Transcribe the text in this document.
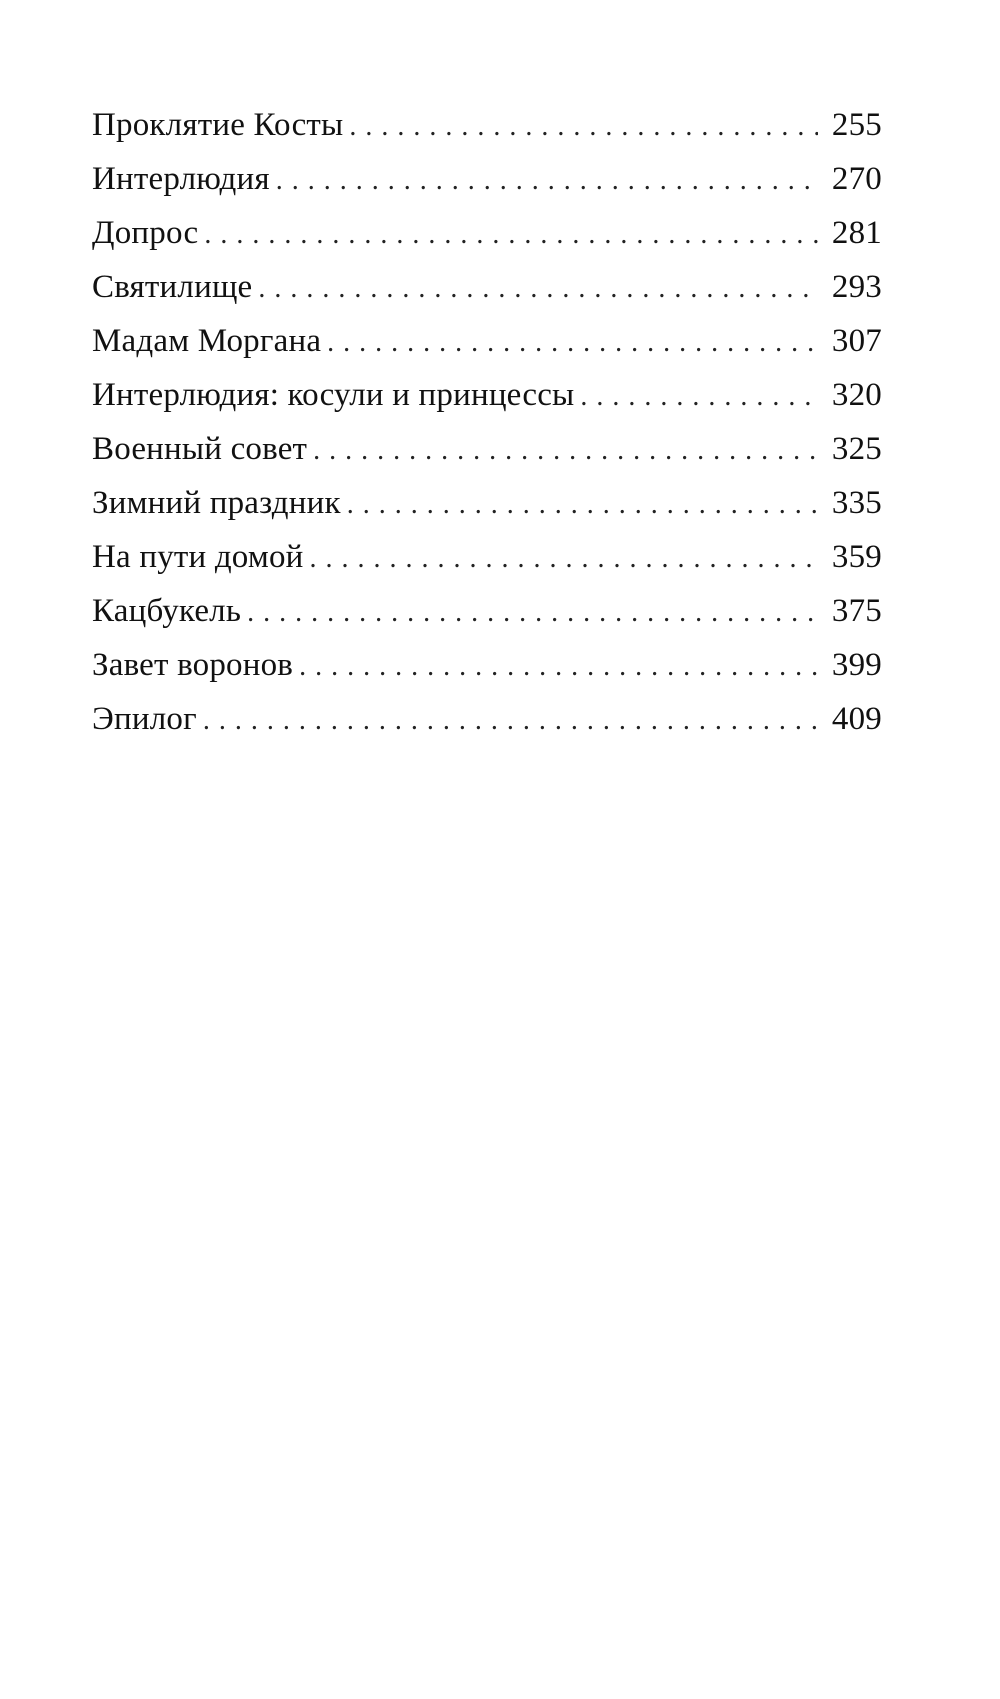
Проклятие Косты . . .	255
Интерлюдия . . .	270
Допрос . . .	281
Святилище . . .	293
Мадам Моргана . . .	307
Интерлюдия: косули и принцессы . . .	320
Военный совет . . .	325
Зимний праздник . . .	335
На пути домой . . .	359
Кацбукель . . .	375
Завет воронов . . .	399
Эпилог . . .	409
